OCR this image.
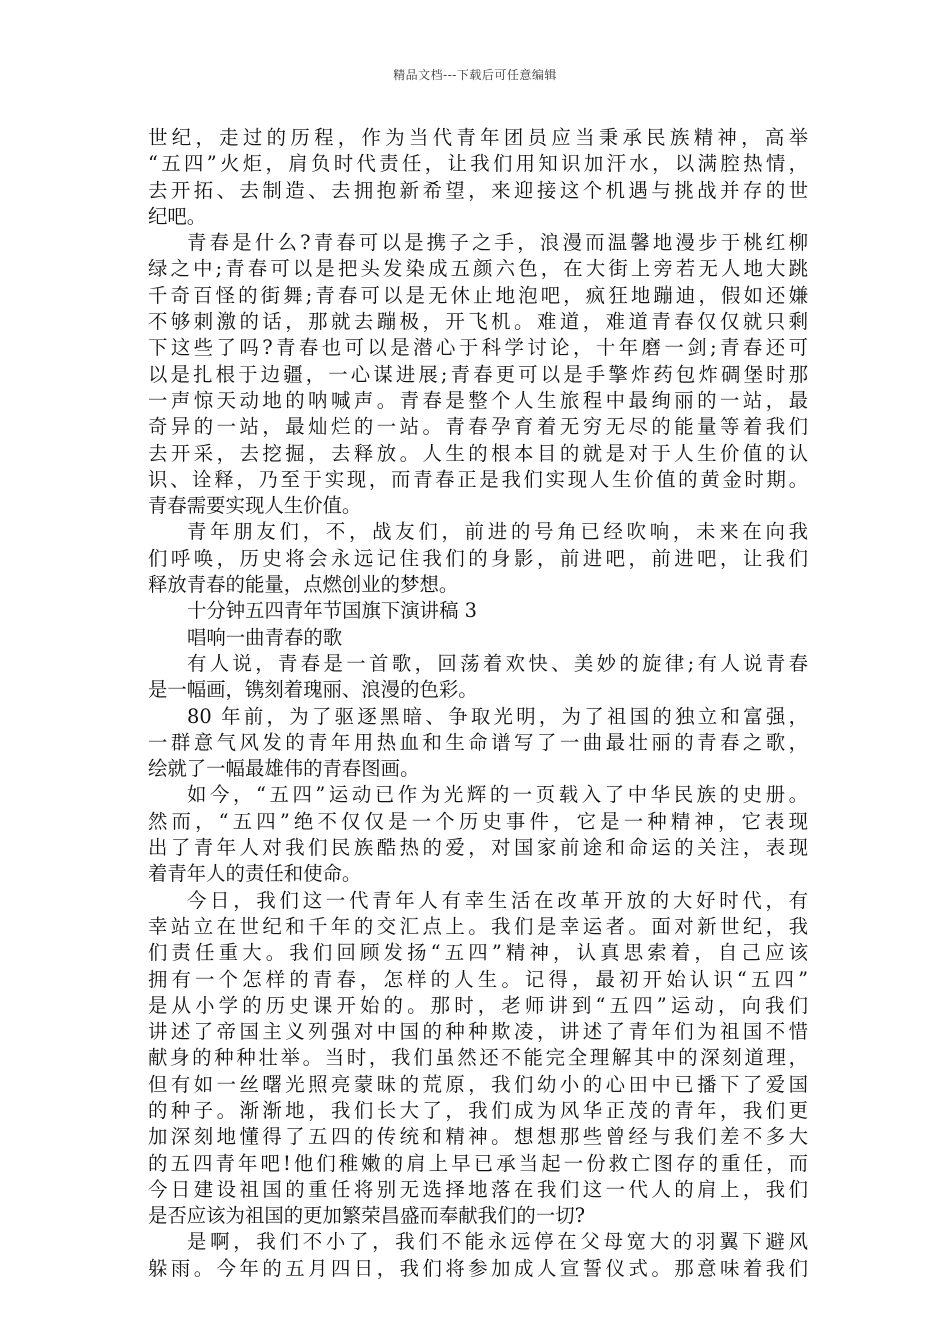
精品文档---下载后可任意编辑
世纪，走过的历程，作为当代青年团员应当秉承民族精神，高举
“五四”火炬，肩负时代责任，让我们用知识加汗水，以满腔热情，
去开拓、去制造、去拥抱新希望，来迎接这个机遇与挑战并存的世
纪吧。
青春是什么?青春可以是携子之手，浪漫而温馨地漫步于桃红柳
绿之中;青春可以是把头发染成五颜六色，在大街上旁若无人地大跳
千奇百怪的街舞;青春可以是无休止地泡吧，疯狂地蹦迪，假如还嫌
不够刺激的话，那就去蹦极，开飞机。难道，难道青春仅仅就只剩
下这些了吗?青春也可以是潜心于科学讨论，十年磨一剑;青春还可
以是扎根于边疆，一心谋进展;青春更可以是手擎炸药包炸碉堡时那
一声惊天动地的呐喊声。青春是整个人生旅程中最绚丽的一站，最
奇异的一站，最灿烂的一站。青春孕育着无穷无尽的能量等着我们
去开采，去挖掘，去释放。人生的根本目的就是对于人生价值的认
识、诠释，乃至于实现，而青春正是我们实现人生价值的黄金时期。
青春需要实现人生价值。
青年朋友们，不，战友们，前进的号角已经吹响，未来在向我
们呼唤，历史将会永远记住我们的身影，前进吧，前进吧，让我们
释放青春的能量，点燃创业的梦想。
十分钟五四青年节国旗下演讲稿 3
唱响一曲青春的歌
有人说，青春是一首歌，回荡着欢快、美妙的旋律;有人说青春
是一幅画，镌刻着瑰丽、浪漫的色彩。
80 年前，为了驱逐黑暗、争取光明，为了祖国的独立和富强，
一群意气风发的青年用热血和生命谱写了一曲最壮丽的青春之歌，
绘就了一幅最雄伟的青春图画。
如今，“五四”运动已作为光辉的一页载入了中华民族的史册。
然而，“五四”绝不仅仅是一个历史事件，它是一种精神，它表现
出了青年人对我们民族酷热的爱，对国家前途和命运的关注，表现
着青年人的责任和使命。
今日，我们这一代青年人有幸生活在改革开放的大好时代，有
幸站立在世纪和千年的交汇点上。我们是幸运者。面对新世纪，我
们责任重大。我们回顾发扬“五四”精神，认真思索着，自己应该
拥有一个怎样的青春，怎样的人生。记得，最初开始认识“五四”
是从小学的历史课开始的。那时，老师讲到“五四”运动，向我们
讲述了帝国主义列强对中国的种种欺凌，讲述了青年们为祖国不惜
献身的种种壮举。当时，我们虽然还不能完全理解其中的深刻道理，
但有如一丝曙光照亮蒙昧的荒原，我们幼小的心田中已播下了爱国
的种子。渐渐地，我们长大了，我们成为风华正茂的青年，我们更
加深刻地懂得了五四的传统和精神。想想那些曾经与我们差不多大
的五四青年吧!他们稚嫩的肩上早已承当起一份救亡图存的重任，而
今日建设祖国的重任将别无选择地落在我们这一代人的肩上，我们
是否应该为祖国的更加繁荣昌盛而奉献我们的一切?
是啊，我们不小了，我们不能永远停在父母宽大的羽翼下避风
躲雨。今年的五月四日，我们将参加成人宣誓仪式。那意味着我们
